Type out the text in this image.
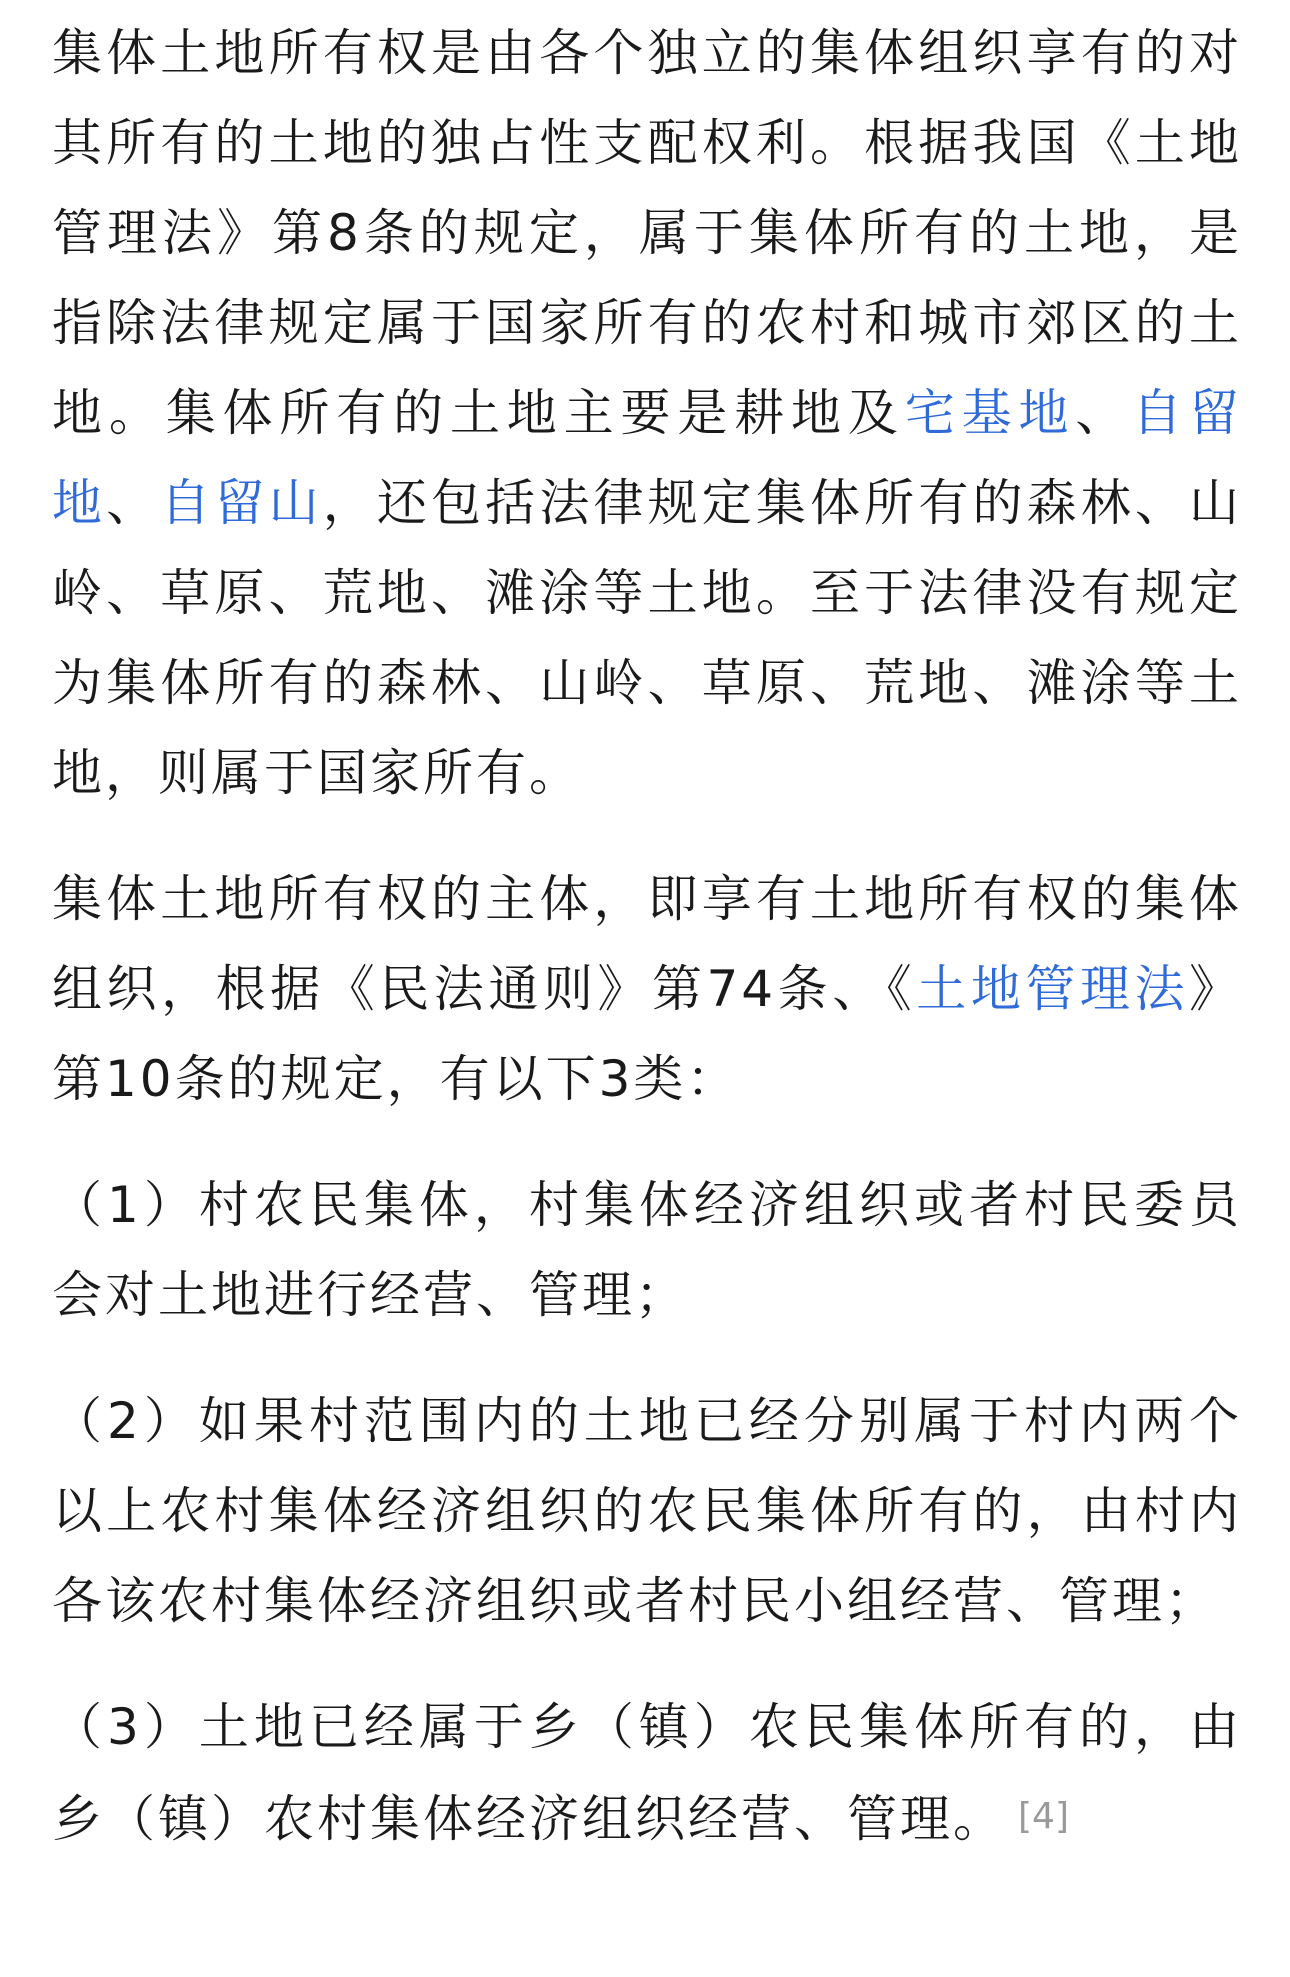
集体土地所有权是由各个独立的集体组织享有的对其所有的土地的独占性支配权利。根据我国《土地管理法》第8条的规定，属于集体所有的土地，是指除法律规定属于国家所有的农村和城市郊区的土地。集体所有的土地主要是耕地及宅基地、自留地、自留山，还包括法律规定集体所有的森林、山岭、草原、荒地、滩涂等土地。至于法律没有规定为集体所有的森林、山岭、草原、荒地、滩涂等土地，则属于国家所有。

集体土地所有权的主体，即享有土地所有权的集体组织，根据《民法通则》第74条、《土地管理法》第10条的规定，有以下3类：

（1）村农民集体，村集体经济组织或者村民委员会对土地进行经营、管理；

（2）如果村范围内的土地已经分别属于村内两个以上农村集体经济组织的农民集体所有的，由村内各该农村集体经济组织或者村民小组经营、管理；

（3）土地已经属于乡（镇）农民集体所有的，由乡（镇）农村集体经济组织经营、管理。 [4]
